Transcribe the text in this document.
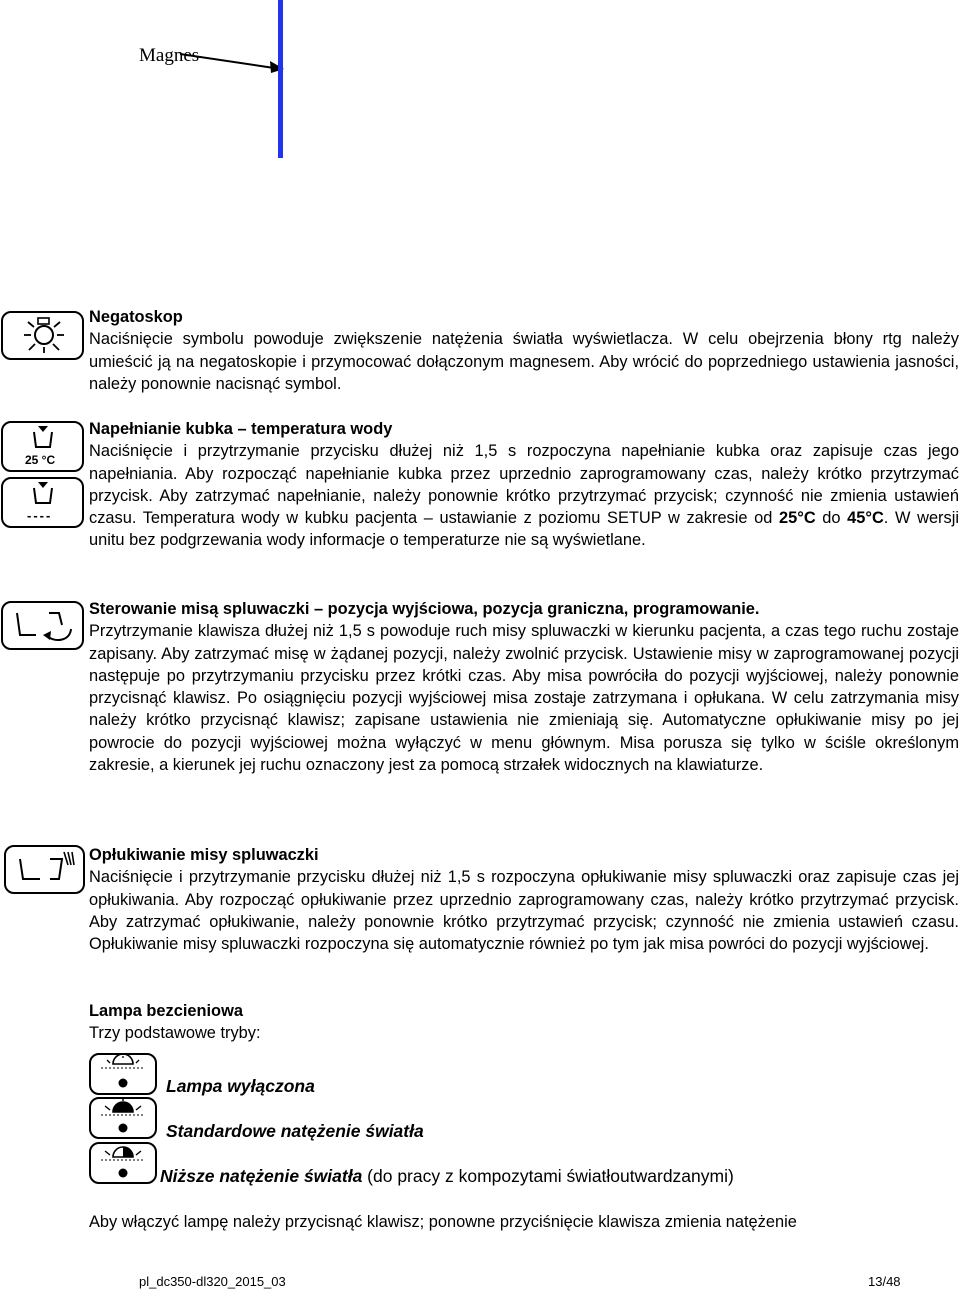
Magnes
Negatoskop

Naciśnięcie symbolu powoduje zwiększenie natężenia światła wyświetlacza. W celu obejrzenia błony rtg należy umieścić ją na negatoskopie i przymocować dołączonym magnesem. Aby wrócić do poprzedniego ustawienia jasności, należy ponownie nacisnąć symbol.

25 °C
----
Napełnianie kubka – temperatura wody

Naciśnięcie i przytrzymanie przycisku dłużej niż 1,5 s rozpoczyna napełnianie kubka oraz zapisuje czas jego napełniania. Aby rozpocząć napełnianie kubka przez uprzednio zaprogramowany czas, należy krótko przytrzymać przycisk. Aby zatrzymać napełnianie, należy ponownie krótko przytrzymać przycisk; czynność nie zmienia ustawień czasu. Temperatura wody w kubku pacjenta – ustawianie z poziomu SETUP w zakresie od 25°C do 45°C. W wersji unitu bez podgrzewania wody informacje o temperaturze nie są wyświetlane.

Sterowanie misą spluwaczki – pozycja wyjściowa, pozycja graniczna, programowanie.

Przytrzymanie klawisza dłużej niż 1,5 s powoduje ruch misy spluwaczki w kierunku pacjenta, a czas tego ruchu zostaje zapisany. Aby zatrzymać misę w żądanej pozycji, należy zwolnić przycisk. Ustawienie misy w zaprogramowanej pozycji następuje po przytrzymaniu przycisku przez krótki czas. Aby misa powróciła do pozycji wyjściowej, należy ponownie przycisnąć klawisz. Po osiągnięciu pozycji wyjściowej misa zostaje zatrzymana i opłukana. W celu zatrzymania misy należy krótko przycisnąć klawisz; zapisane ustawienia nie zmieniają się. Automatyczne opłukiwanie misy po jej powrocie do pozycji wyjściowej można wyłączyć w menu głównym. Misa porusza się tylko w ściśle określonym zakresie, a kierunek jej ruchu oznaczony jest za pomocą strzałek widocznych na klawiaturze.

Opłukiwanie misy spluwaczki

Naciśnięcie i przytrzymanie przycisku dłużej niż 1,5 s rozpoczyna opłukiwanie misy spluwaczki oraz zapisuje czas jej opłukiwania. Aby rozpocząć opłukiwanie przez uprzednio zaprogramowany czas, należy krótko przytrzymać przycisk. Aby zatrzymać opłukiwanie, należy ponownie krótko przytrzymać przycisk; czynność nie zmienia ustawień czasu. Opłukiwanie misy spluwaczki rozpoczyna się automatycznie również po tym jak misa powróci do pozycji wyjściowej.

Lampa bezcieniowa
Trzy podstawowe tryby:
Lampa wyłączona
Standardowe natężenie światła
Niższe natężenie światła (do pracy z kompozytami światłoutwardzanymi)

Aby włączyć lampę należy przycisnąć klawisz; ponowne przyciśnięcie klawisza zmienia natężenie

pl_dc350-dl320_2015_03	13/48
